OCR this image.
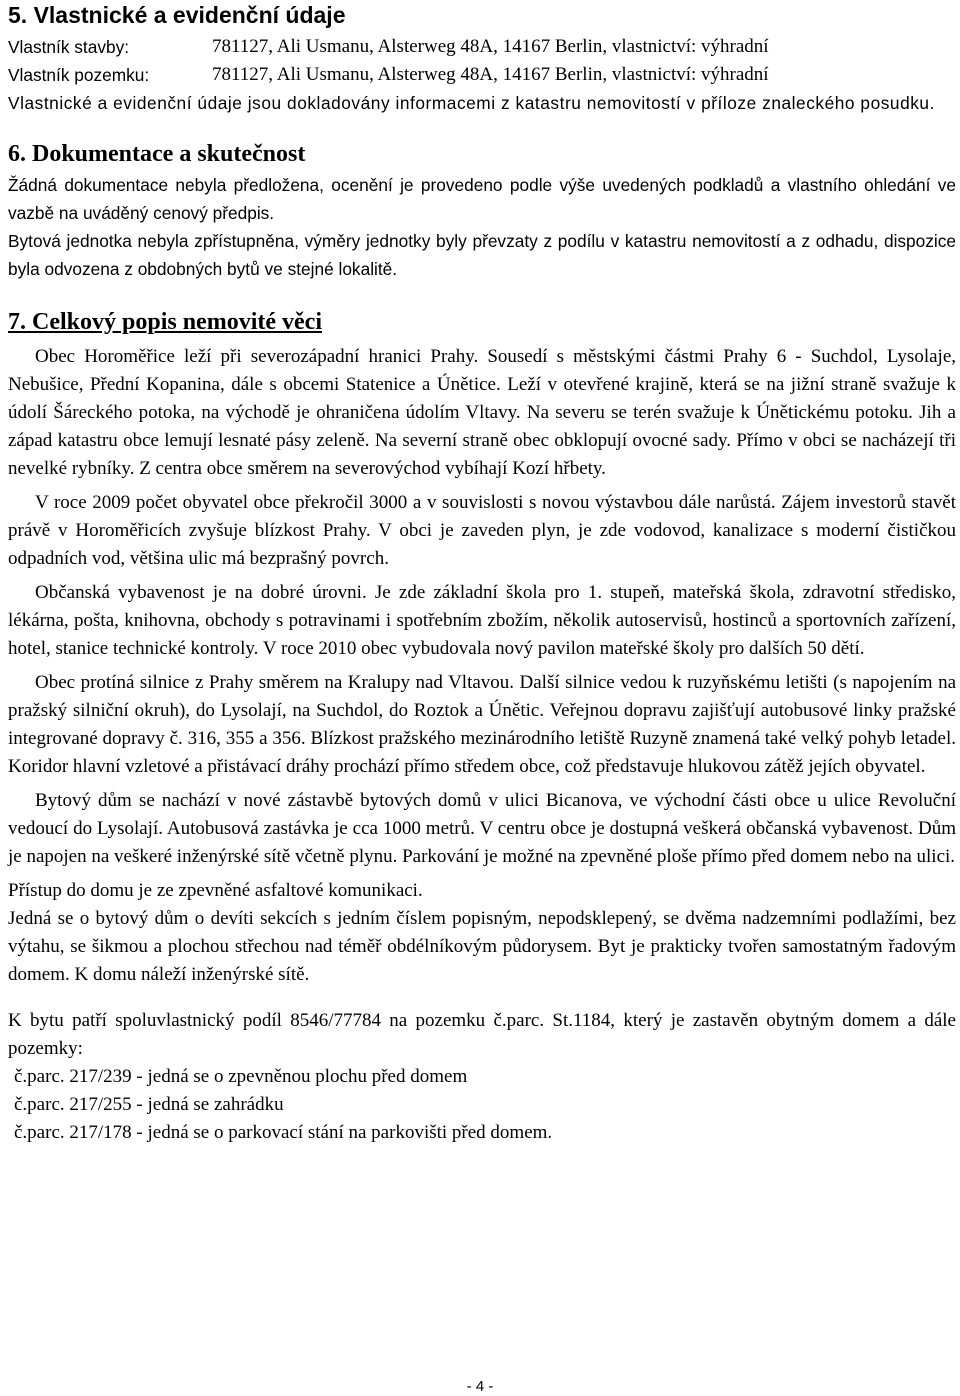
5. Vlastnické a evidenční údaje
Vlastník stavby:	781127, Ali Usmanu, Alsterweg 48A, 14167 Berlin, vlastnictví: výhradní
Vlastník pozemku:	781127, Ali Usmanu, Alsterweg 48A, 14167 Berlin, vlastnictví: výhradní

Vlastnické a evidenční údaje jsou dokladovány informacemi z katastru nemovitostí v příloze znaleckého posudku.

6. Dokumentace a skutečnost

Žádná dokumentace nebyla předložena, ocenění je provedeno podle výše uvedených podkladů a vlastního ohledání ve vazbě na uváděný cenový předpis.

Bytová jednotka nebyla zpřístupněna, výměry jednotky byly převzaty z podílu v katastru nemovitostí a z odhadu, dispozice byla odvozena z obdobných bytů ve stejné lokalitě.

7. Celkový popis nemovité věci

Obec Horoměřice leží při severozápadní hranici Prahy. Sousedí s městskými částmi Prahy 6 - Suchdol, Lysolaje, Nebušice, Přední Kopanina, dále s obcemi Statenice a Únětice. Leží v otevřené krajině, která se na jižní straně svažuje k údolí Šáreckého potoka, na východě je ohraničena údolím Vltavy. Na severu se terén svažuje k Únětickému potoku. Jih a západ katastru obce lemují lesnaté pásy zeleně. Na severní straně obec obklopují ovocné sady. Přímo v obci se nacházejí tři nevelké rybníky. Z centra obce směrem na severovýchod vybíhají Kozí hřbety.

V roce 2009 počet obyvatel obce překročil 3000 a v souvislosti s novou výstavbou dále narůstá. Zájem investorů stavět právě v Horoměřicích zvyšuje blízkost Prahy. V obci je zaveden plyn, je zde vodovod, kanalizace s moderní čističkou odpadních vod, většina ulic má bezprašný povrch.

Občanská vybavenost je na dobré úrovni. Je zde základní škola pro 1. stupeň, mateřská škola, zdravotní středisko, lékárna, pošta, knihovna, obchody s potravinami i spotřebním zbožím, několik autoservisů, hostinců a sportovních zařízení, hotel, stanice technické kontroly. V roce 2010 obec vybudovala nový pavilon mateřské školy pro dalších 50 dětí.

Obec protíná silnice z Prahy směrem na Kralupy nad Vltavou. Další silnice vedou k ruzyňskému letišti (s napojením na pražský silniční okruh), do Lysolají, na Suchdol, do Roztok a Únětic. Veřejnou dopravu zajišťují autobusové linky pražské integrované dopravy č. 316, 355 a 356. Blízkost pražského mezinárodního letiště Ruzyně znamená také velký pohyb letadel. Koridor hlavní vzletové a přistávací dráhy prochází přímo středem obce, což představuje hlukovou zátěž jejích obyvatel.

Bytový dům se nachází v nové zástavbě bytových domů v ulici Bicanova, ve východní části obce u ulice Revoluční vedoucí do Lysolají. Autobusová zastávka je cca 1000 metrů. V centru obce je dostupná veškerá občanská vybavenost. Dům je napojen na veškeré inženýrské sítě včetně plynu. Parkování je možné na zpevněné ploše přímo před domem nebo na ulici.

Přístup do domu je ze zpevněné asfaltové komunikaci.

Jedná se o bytový dům o devíti sekcích s jedním číslem popisným, nepodsklepený, se dvěma nadzemními podlažími, bez výtahu, se šikmou a plochou střechou nad téměř obdélníkovým půdorysem. Byt je prakticky tvořen samostatným řadovým domem. K domu náleží inženýrské sítě.

K bytu patří spoluvlastnický podíl 8546/77784 na pozemku č.parc. St.1184, který je zastavěn obytným domem a dále pozemky:

č.parc. 217/239 - jedná se o zpevněnou plochu před domem

č.parc. 217/255 - jedná se zahrádku

č.parc. 217/178 - jedná se o parkovací stání na parkovišti před domem.

- 4 -
